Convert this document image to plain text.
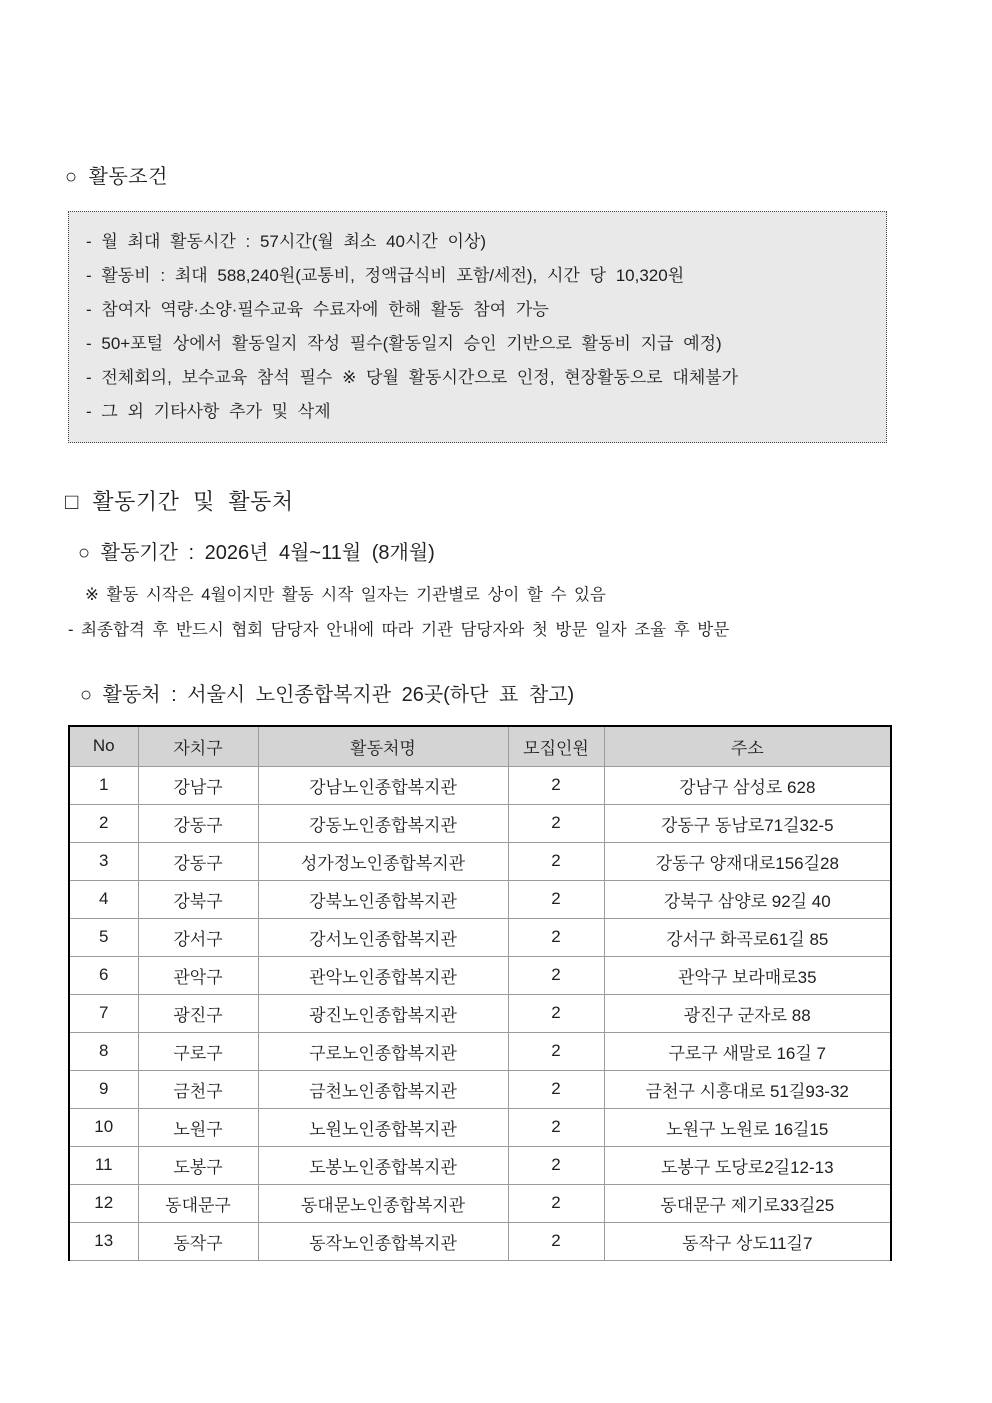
○ 활동조건
- 월 최대 활동시간 : 57시간(월 최소 40시간 이상)
- 활동비 : 최대 588,240원(교통비, 정액급식비 포함/세전), 시간 당 10,320원
- 참여자 역량·소양·필수교육 수료자에 한해 활동 참여 가능
- 50+포털 상에서 활동일지 작성 필수(활동일지 승인 기반으로 활동비 지급 예정)
- 전체회의, 보수교육 참석 필수 ※ 당월 활동시간으로 인정, 현장활동으로 대체불가
- 그 외 기타사항 추가 및 삭제
□ 활동기간 및 활동처
○ 활동기간 : 2026년 4월~11월 (8개월)
※ 활동 시작은 4월이지만 활동 시작 일자는 기관별로 상이 할 수 있음
- 최종합격 후 반드시 협회 담당자 안내에 따라 기관 담당자와 첫 방문 일자 조율 후 방문
○ 활동처 : 서울시 노인종합복지관 26곳(하단 표 참고)
No	자치구	활동처명	모집인원	주소
1	강남구	강남노인종합복지관	2	강남구 삼성로 628
2	강동구	강동노인종합복지관	2	강동구 동남로71길32-5
3	강동구	성가정노인종합복지관	2	강동구 양재대로156길28
4	강북구	강북노인종합복지관	2	강북구 삼양로 92길 40
5	강서구	강서노인종합복지관	2	강서구 화곡로61길 85
6	관악구	관악노인종합복지관	2	관악구 보라매로35
7	광진구	광진노인종합복지관	2	광진구 군자로 88
8	구로구	구로노인종합복지관	2	구로구 새말로 16길 7
9	금천구	금천노인종합복지관	2	금천구 시흥대로 51길93-32
10	노원구	노원노인종합복지관	2	노원구 노원로 16길15
11	도봉구	도봉노인종합복지관	2	도봉구 도당로2길12-13
12	동대문구	동대문노인종합복지관	2	동대문구 제기로33길25
13	동작구	동작노인종합복지관	2	동작구 상도11길7
